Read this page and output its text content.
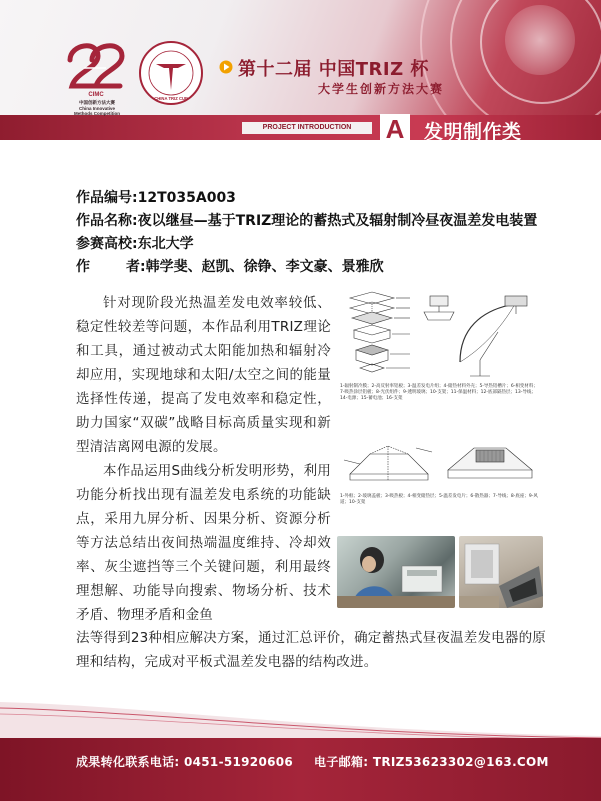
CIMC
中国创新方法大赛
China Innovative
Methods Competition
CHINA TRIZ CUP
第十二届 中国TRIZ 杯
大学生创新方法大赛
PROJECT INTRODUCTION	A 发明制作类
作品编号:12T035A003
作品名称:夜以继昼—基于TRIZ理论的蓄热式及辐射制冷昼夜温差发电装置
参赛高校:东北大学
作	者:韩学斐、赵凯、徐铮、李文豪、景雅欣
针对现阶段光热温差发电效率较低、稳定性较差等问题，本作品利用TRIZ理论和工具，通过被动式太阳能加热和辐射冷却应用，实现地球和太阳/太空之间的能量选择性传递，提高了发电效率和稳定性，助力国家“双碳”战略目标高质量实现和新型清洁离网电源的发展。
本作品运用S曲线分析发明形势，利用功能分析找出现有温差发电系统的功能缺点，采用九屏分析、因果分析、资源分析等方法总结出夜间热端温度维持、冷却效率、灰尘遮挡等三个关键问题，利用最终理想解、功能导向搜索、物场分析、技术矛盾、物理矛盾和金鱼
法等得到23种相应解决方案，通过汇总评价，确定蓄热式昼夜温差发电器的原理和结构，完成对平板式温差发电器的结构改进。
1-辐射制冷膜；2-高反射率铝板；3-温差发电片组；4-储热材料外壳；5-导热铝槽片；6-相变材料；7-吸热涂层铝板；8-光伏组件；9-透明玻璃；10-支架；11-保温材料；12-底部隔热层；13-导线；14-电源；15-蓄电池；16-支架
1-外框；2-玻璃盖板；3-吸热板；4-相变储热层；5-温差发电片；6-散热器；7-导线；8-底座；9-风道；10-支架
成果转化联系电话: 0451-51920606 电子邮箱: TRIZ53623302@163.COM
